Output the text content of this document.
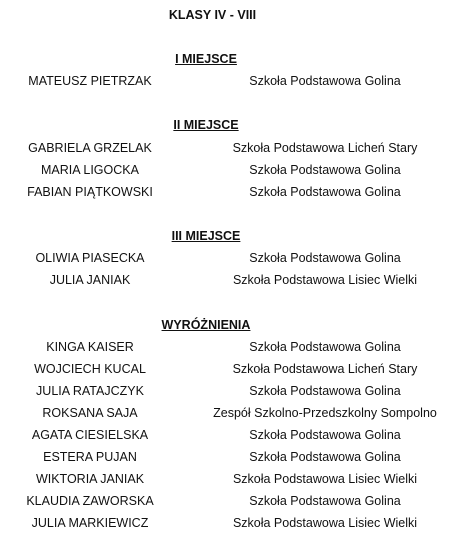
KLASY IV - VIII
I MIEJSCE
MATEUSZ PIETRZAK	Szkoła Podstawowa Golina
II MIEJSCE
GABRIELA GRZELAK	Szkoła Podstawowa Licheń Stary
MARIA LIGOCKA	Szkoła Podstawowa Golina
FABIAN PIĄTKOWSKI	Szkoła Podstawowa Golina
III MIEJSCE
OLIWIA PIASECKA	Szkoła Podstawowa Golina
JULIA JANIAK	Szkoła Podstawowa Lisiec Wielki
WYRÓŻNIENIA
KINGA KAISER	Szkoła Podstawowa Golina
WOJCIECH KUCAL	Szkoła Podstawowa Licheń Stary
JULIA RATAJCZYK	Szkoła Podstawowa Golina
ROKSANA SAJA	Zespół Szkolno-Przedszkolny Sompolno
AGATA CIESIELSKA	Szkoła Podstawowa Golina
ESTERA PUJAN	Szkoła Podstawowa Golina
WIKTORIA JANIAK	Szkoła Podstawowa Lisiec Wielki
KLAUDIA ZAWORSKA	Szkoła Podstawowa Golina
JULIA MARKIEWICZ	Szkoła Podstawowa Lisiec Wielki
